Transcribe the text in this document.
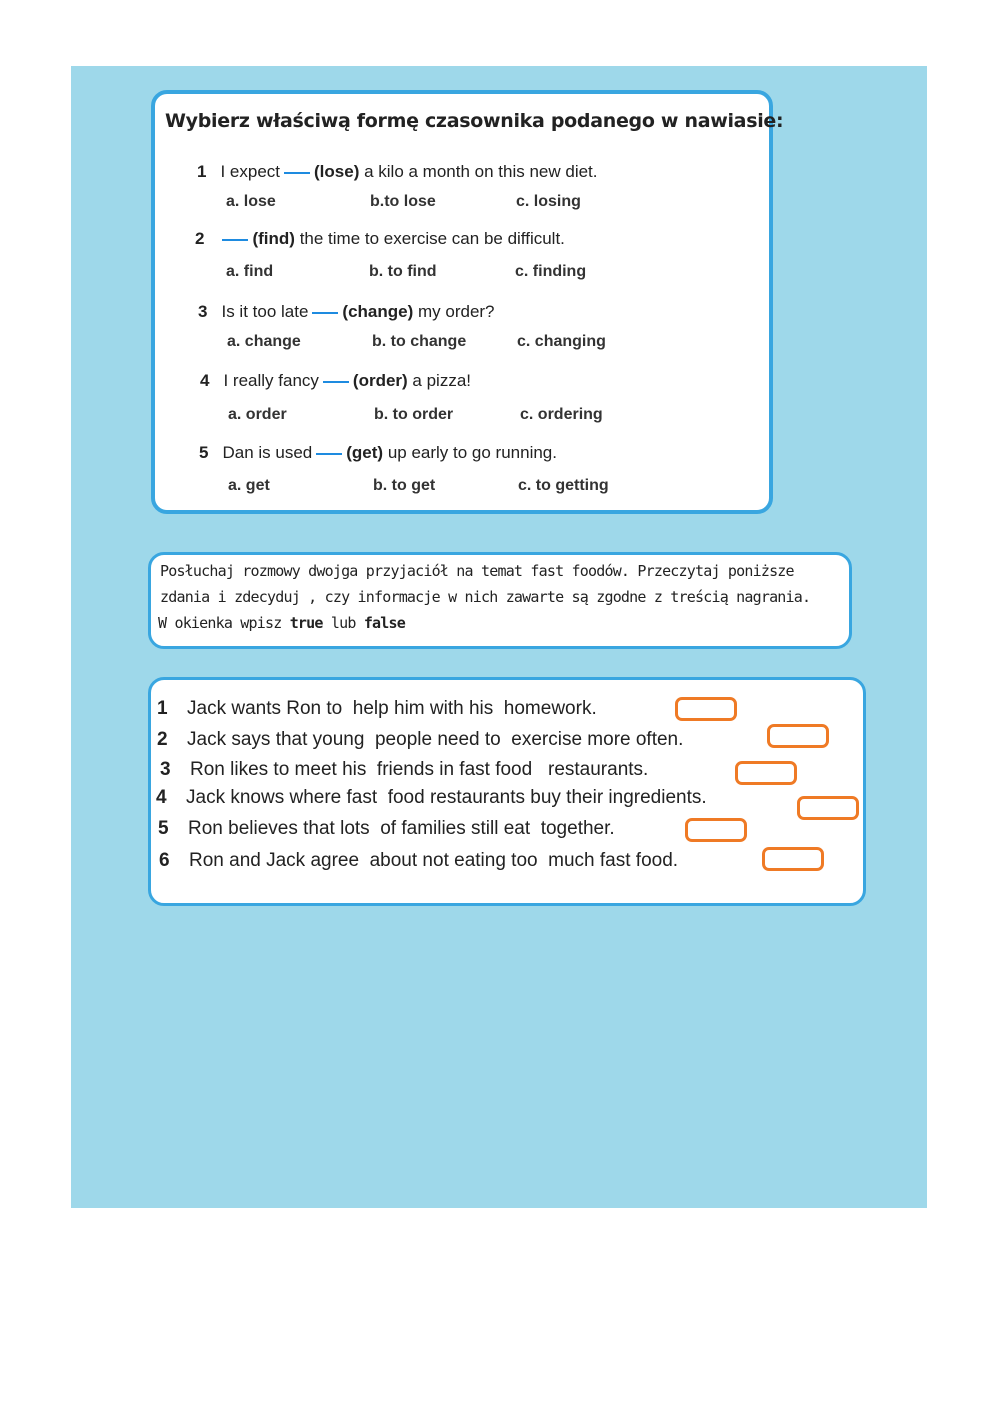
Wybierz właściwą formę czasownika podanego w nawiasie:
1 I expect (lose) a kilo a month on this new diet.
a. lose	b.to lose	c. losing
2	(find) the time to exercise can be difficult.
a. find	b. to find	c. finding
3 Is it too late (change) my order?
a. change	b. to change	c. changing
4 I really fancy (order) a pizza!
a. order	b. to order	c. ordering
5 Dan is used (get) up early to go running.
a. get	b. to get	c. to getting
Posłuchaj rozmowy dwojga przyjaciół na temat fast foodów. Przeczytaj poniższe
zdania i zdecyduj , czy informacje w nich zawarte są zgodne z treścią nagrania.
W okienka wpisz true lub false
1 Jack wants Ron to  help him with his  homework.
2 Jack says that young  people need to  exercise more often.
3 Ron likes to meet his  friends in fast food   restaurants.
4 Jack knows where fast  food restaurants buy their ingredients.
5 Ron believes that lots  of families still eat  together.
6 Ron and Jack agree  about not eating too  much fast food.
